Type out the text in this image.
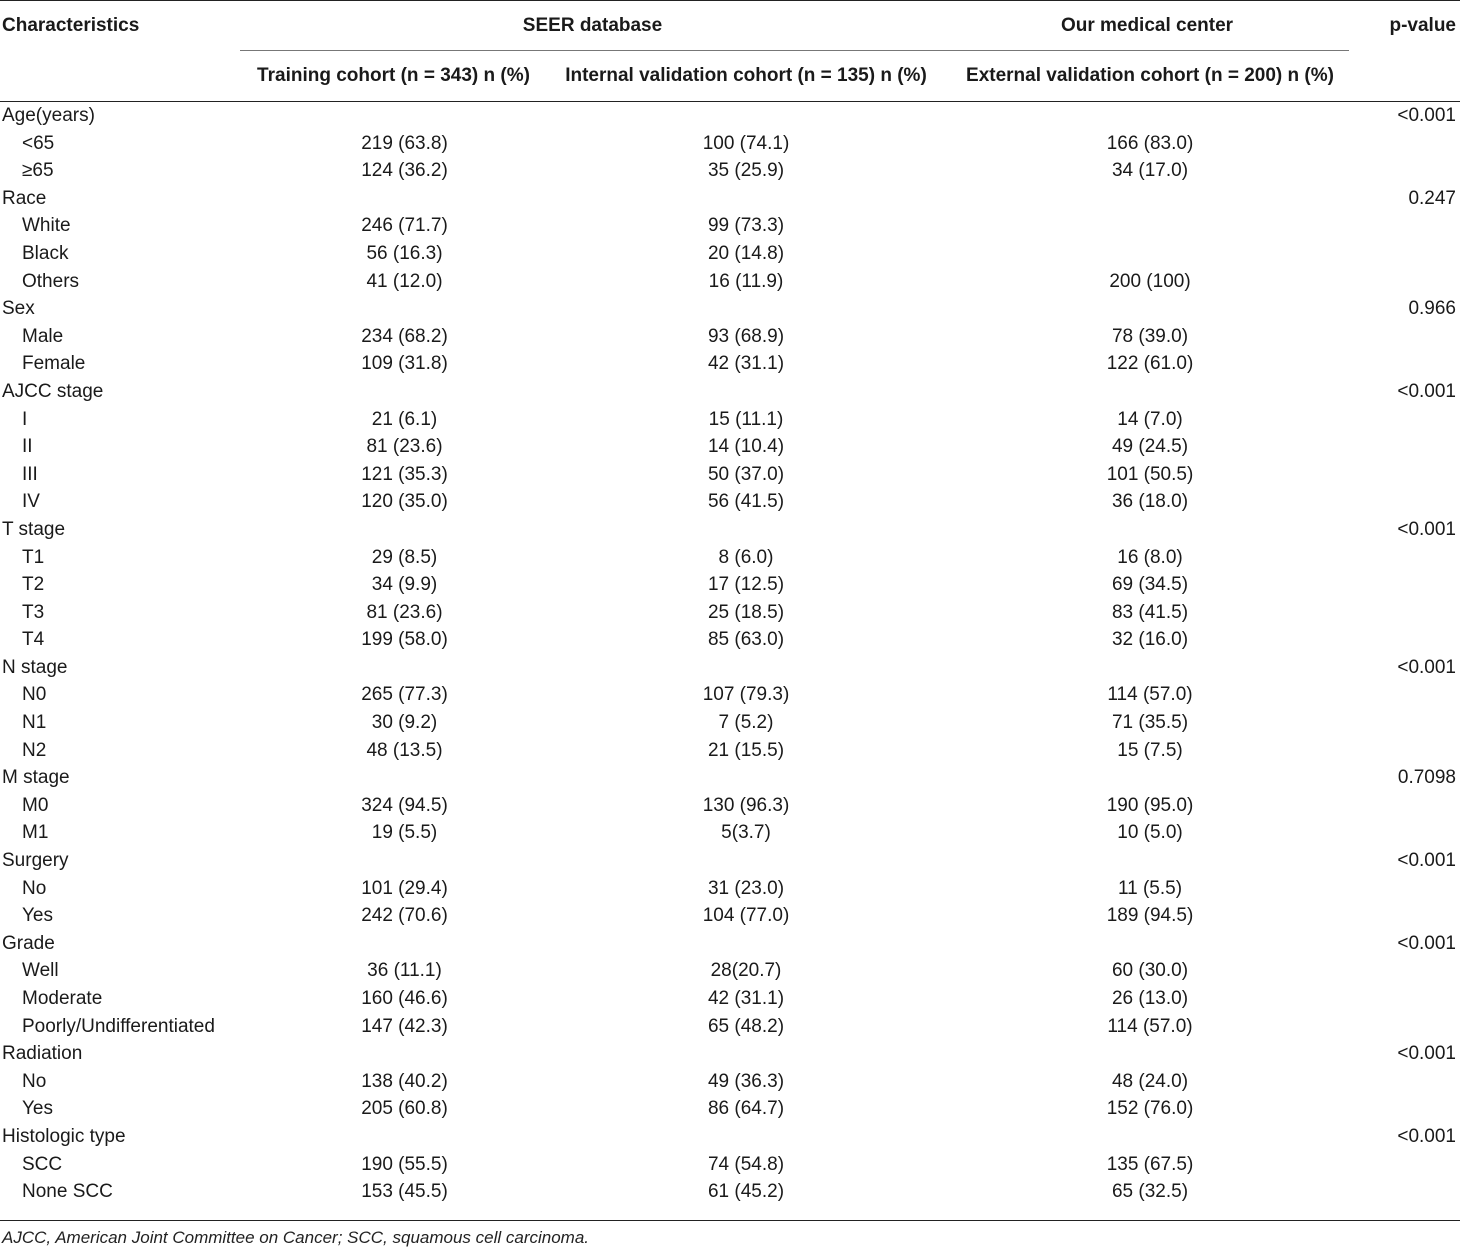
Characteristics	SEER database		Our medical center	p-value
	Training cohort (n = 343) n (%)	Internal validation cohort (n = 135) n (%)	External validation cohort (n = 200) n (%)	

Age(years)				<0.001
<65	219 (63.8)	100 (74.1)	166 (83.0)	
≥65	124 (36.2)	35 (25.9)	34 (17.0)	
Race				0.247
White	246 (71.7)	99 (73.3)		
Black	56 (16.3)	20 (14.8)		
Others	41 (12.0)	16 (11.9)	200 (100)	
Sex				0.966
Male	234 (68.2)	93 (68.9)	78 (39.0)	
Female	109 (31.8)	42 (31.1)	122 (61.0)	
AJCC stage				<0.001
I	21 (6.1)	15 (11.1)	14 (7.0)	
II	81 (23.6)	14 (10.4)	49 (24.5)	
III	121 (35.3)	50 (37.0)	101 (50.5)	
IV	120 (35.0)	56 (41.5)	36 (18.0)	
T stage				<0.001
T1	29 (8.5)	8 (6.0)	16 (8.0)	
T2	34 (9.9)	17 (12.5)	69 (34.5)	
T3	81 (23.6)	25 (18.5)	83 (41.5)	
T4	199 (58.0)	85 (63.0)	32 (16.0)	
N stage				<0.001
N0	265 (77.3)	107 (79.3)	114 (57.0)	
N1	30 (9.2)	7 (5.2)	71 (35.5)	
N2	48 (13.5)	21 (15.5)	15 (7.5)	
M stage				0.7098
M0	324 (94.5)	130 (96.3)	190 (95.0)	
M1	19 (5.5)	5(3.7)	10 (5.0)	
Surgery				<0.001
No	101 (29.4)	31 (23.0)	11 (5.5)	
Yes	242 (70.6)	104 (77.0)	189 (94.5)	
Grade				<0.001
Well	36 (11.1)	28(20.7)	60 (30.0)	
Moderate	160 (46.6)	42 (31.1)	26 (13.0)	
Poorly/Undifferentiated	147 (42.3)	65 (48.2)	114 (57.0)	
Radiation				<0.001
No	138 (40.2)	49 (36.3)	48 (24.0)	
Yes	205 (60.8)	86 (64.7)	152 (76.0)	
Histologic type				<0.001
SCC	190 (55.5)	74 (54.8)	135 (67.5)	
None SCC	153 (45.5)	61 (45.2)	65 (32.5)	
AJCC, American Joint Committee on Cancer; SCC, squamous cell carcinoma.
